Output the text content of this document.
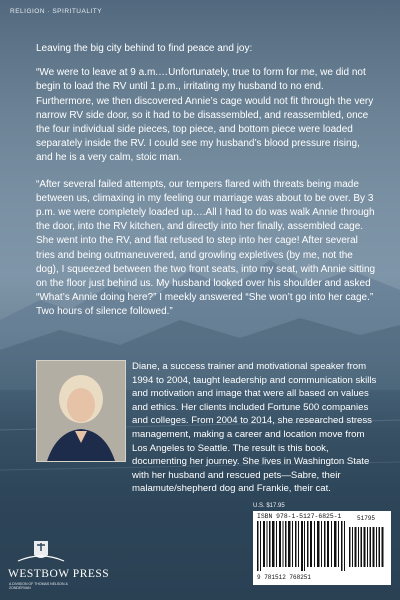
RELIGION · SPIRITUALITY

Leaving the big city behind to find peace and joy:

“We were to leave at 9 a.m.…Unfortunately, true to form for me, we did not begin to load the RV until 1 p.m., irritating my husband to no end. Furthermore, we then discovered Annie’s cage would not fit through the very narrow RV side door, so it had to be disassembled, and reassembled, once the four individual side pieces, top piece, and bottom piece were loaded separately inside the RV. I could see my husband’s blood pressure rising, and he is a very calm, stoic man.

“After several failed attempts, our tempers flared with threats being made between us, climaxing in my feeling our marriage was about to be over. By 3 p.m. we were completely loaded up….All I had to do was walk Annie through the door, into the RV kitchen, and directly into her finally, assembled cage. She went into the RV, and flat refused to step into her cage! After several tries and being outmaneuvered, and growling expletives (by me, not the dog), I squeezed between the two front seats, into my seat, with Annie sitting on the floor just behind us. My husband looked over his shoulder and asked “What’s Annie doing here?” I meekly answered “She won’t go into her cage.” Two hours of silence followed.”

Diane, a success trainer and motivational speaker from 1994 to 2004, taught leadership and communication skills and motivation and image that were all based on values and ethics. Her clients included Fortune 500 companies and colleges. From 2004 to 2014, she researched stress management, making a career and location move from Los Angeles to Seattle. The result is this book, documenting her journey. She lives in Washington State with her husband and rescued pets—Sabre, their malamute/shepherd dog and Frankie, their cat.
WESTBOW PRESS
A DIVISION OF THOMAS NELSON & ZONDERVAN
U.S. $17.95
ISBN 978-1-5127-6825-1
9 781512 768251
51795
